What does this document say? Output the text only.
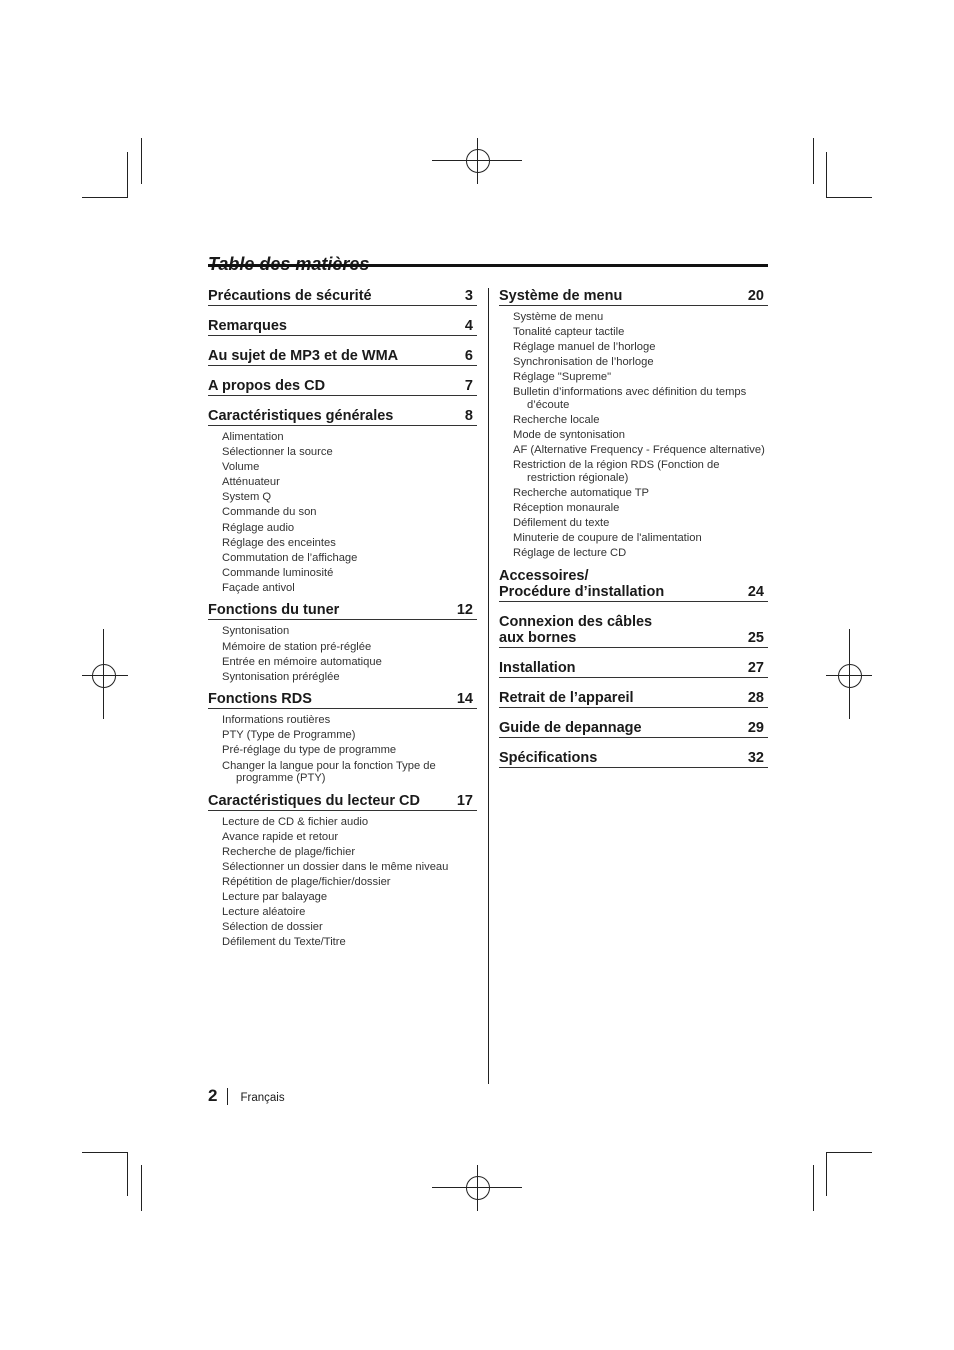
Précautions de sécurité	3
Remarques	4
Au sujet de MP3 et de WMA	6
A propos des CD	7
Caractéristiques générales	8
Alimentation
Sélectionner la source
Volume
Atténuateur
System Q
Commande du son
Réglage audio
Réglage des enceintes
Commutation de l’affichage
Commande luminosité
Façade antivol
Fonctions du tuner	12
Syntonisation
Mémoire de station pré-réglée
Entrée en mémoire automatique
Syntonisation préréglée
Fonctions RDS	14
Informations routières
PTY (Type de Programme)
Pré-réglage du type de programme
Changer la langue pour la fonction Type de programme (PTY)
Caractéristiques du lecteur CD	17
Lecture de CD & fichier audio
Avance rapide et retour
Recherche de plage/fichier
Sélectionner un dossier dans le même niveau
Répétition de plage/fichier/dossier
Lecture par balayage
Lecture aléatoire
Sélection de dossier
Défilement du Texte/Titre
Système de menu	20
Système de menu
Tonalité capteur tactile
Réglage manuel de l’horloge
Synchronisation de l’horloge
Réglage "Supreme"
Bulletin d’informations avec définition du temps d’écoute
Recherche locale
Mode de syntonisation
AF (Alternative Frequency - Fréquence alternative)
Restriction de la région RDS (Fonction de restriction régionale)
Recherche automatique TP
Réception monaurale
Défilement du texte
Minuterie de coupure de l'alimentation
Réglage de lecture CD
Accessoires/
Procédure d’installation	24
Connexion des câbles
aux bornes	25
Installation	27
Retrait de l’appareil	28
Guide de depannage	29
Spécifications	32
2 Français
